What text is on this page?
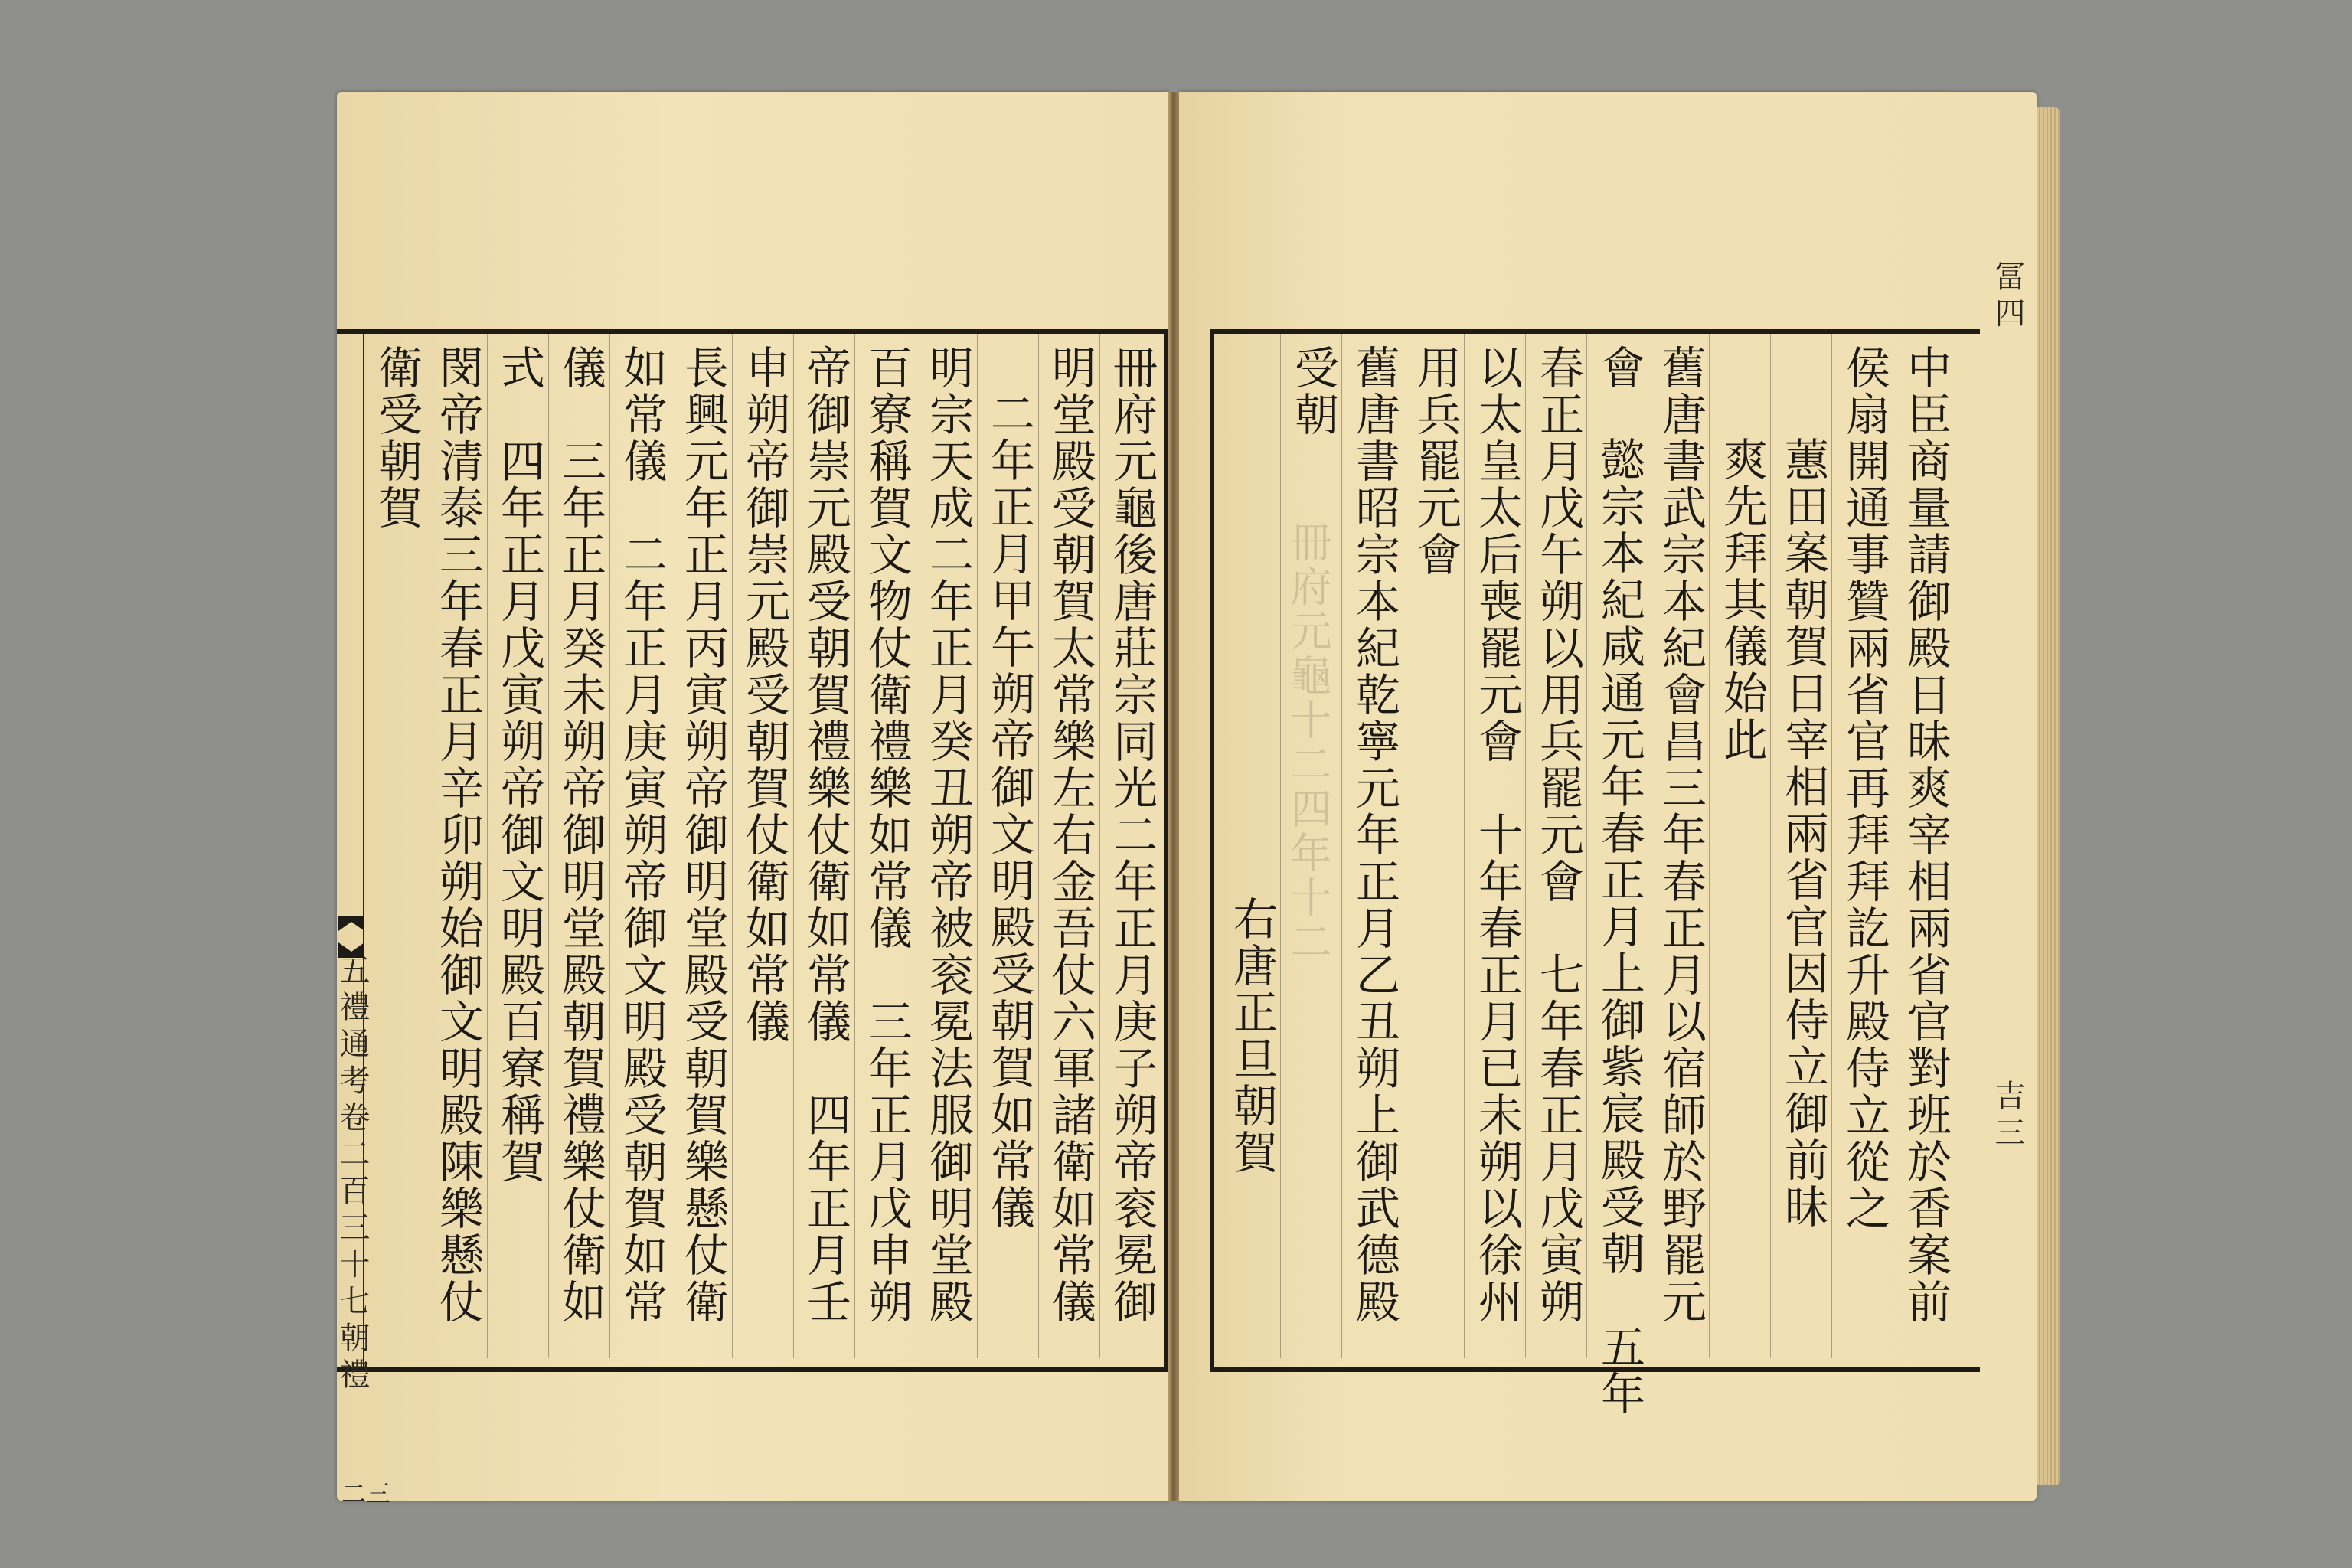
冊府元龜十二四年十二
五禮通考卷二百三十七朝禮
二三
冊府元龜後唐莊宗同光二年正月庚子朔帝衮冕御
明堂殿受朝賀太常樂左右金吾仗六軍諸衛如常儀
二年正月甲午朔帝御文明殿受朝賀如常儀
明宗天成二年正月癸丑朔帝被衮冕法服御明堂殿
百寮稱賀文物仗衛禮樂如常儀　三年正月戊申朔
帝御崇元殿受朝賀禮樂仗衛如常儀　四年正月壬
申朔帝御崇元殿受朝賀仗衛如常儀
長興元年正月丙寅朔帝御明堂殿受朝賀樂懸仗衛
如常儀　二年正月庚寅朔帝御文明殿受朝賀如常
儀　三年正月癸未朔帝御明堂殿朝賀禮樂仗衛如
式　四年正月戊寅朔帝御文明殿百寮稱賀
閔帝清泰三年春正月辛卯朔始御文明殿陳樂懸仗
衛受朝賀
冨四
吉三
中臣商量請御殿日昧爽宰相兩省官對班於香案前
侯扇開通事贊兩省官再拜拜訖升殿侍立從之
蕙田案朝賀日宰相兩省官因侍立御前昧
爽先拜其儀始此
舊唐書武宗本紀會昌三年春正月以宿師於野罷元
會
懿宗本紀咸通元年春正月上御紫宸殿受朝　五年
春正月戊午朔以用兵罷元會　七年春正月戊寅朔
以太皇太后喪罷元會　十年春正月已未朔以徐州
用兵罷元會
舊唐書昭宗本紀乾寧元年正月乙丑朔上御武德殿
受朝
右唐正旦朝賀
